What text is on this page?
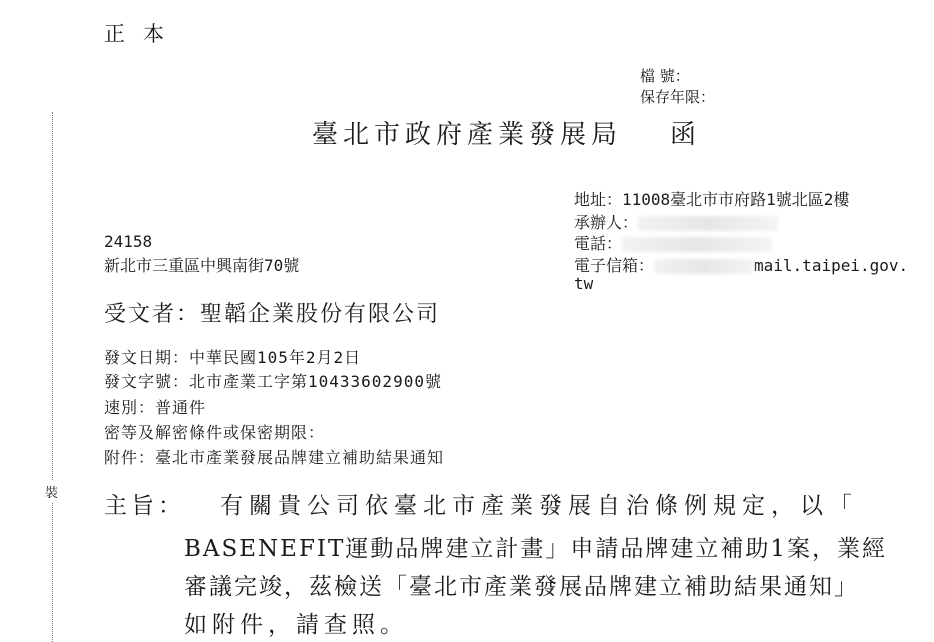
正本
檔 號：
保存年限：
臺北市政府產業發展局 函
裝
地址：11008臺北市市府路1號北區2樓
承辦人：
電話：
電子信箱：	mail.taipei.gov.
tw
24158
新北市三重區中興南街70號
受文者：聖韜企業股份有限公司
發文日期：中華民國105年2月2日
發文字號：北市產業工字第10433602900號
速別：普通件
密等及解密條件或保密期限：
附件：臺北市產業發展品牌建立補助結果通知
主旨： 有關貴公司依臺北市產業發展自治條例規定，以「
BASENEFIT運動品牌建立計畫」申請品牌建立補助1案，業經
審議完竣，茲檢送「臺北市產業發展品牌建立補助結果通知」
如附件，請查照。
